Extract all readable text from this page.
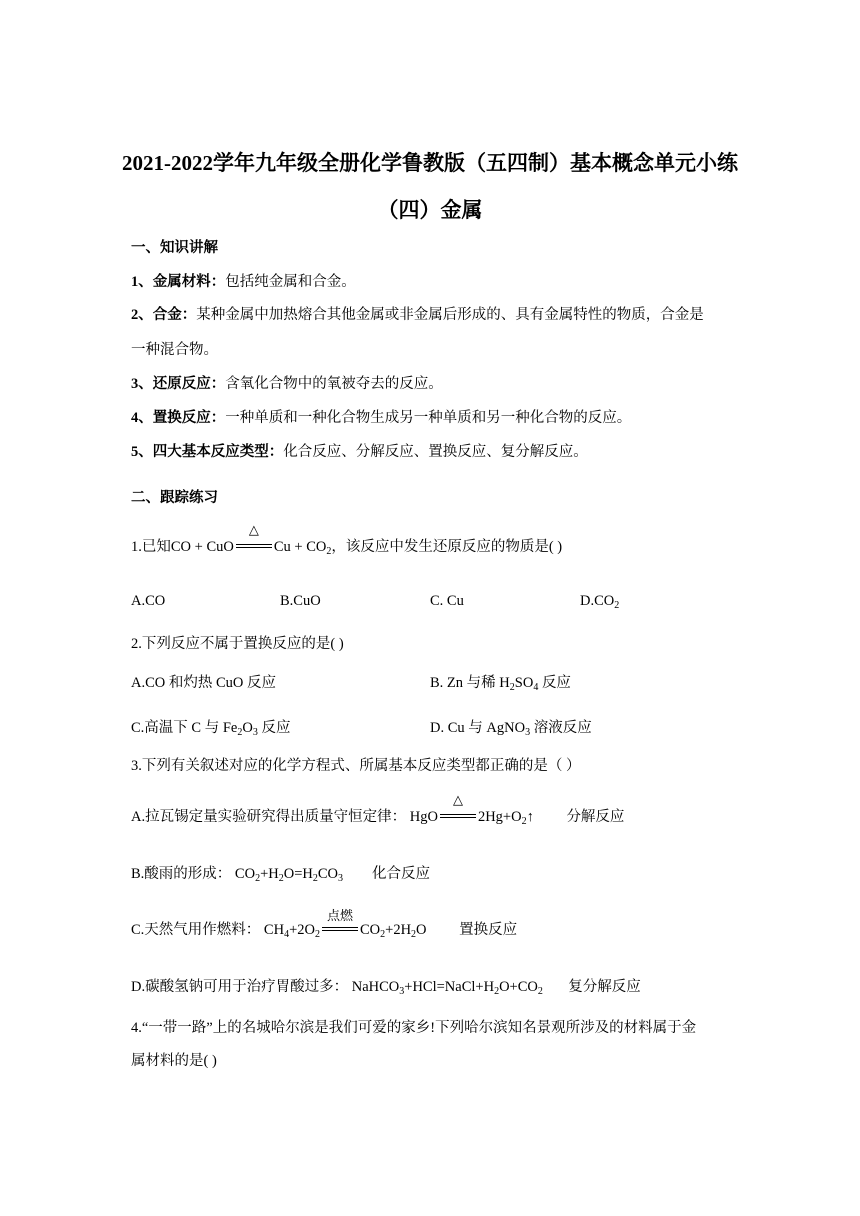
2021-2022学年九年级全册化学鲁教版（五四制）基本概念单元小练
（四）金属
一、知识讲解
1、金属材料：包括纯金属和合金。
2、合金：某种金属中加热熔合其他金属或非金属后形成的、具有金属特性的物质，合金是
一种混合物。
3、还原反应：含氧化合物中的氧被夺去的反应。
4、置换反应：一种单质和一种化合物生成另一种单质和另一种化合物的反应。
5、四大基本反应类型：化合反应、分解反应、置换反应、复分解反应。
二、跟踪练习
1.已知CO + CuO
△
$Cu + CO_2$，该反应中发生还原反应的物质是( )
A.CO	B.CuO	C. Cu	$D.CO_2$
2.下列反应不属于置换反应的是( )
A.CO 和灼热 CuO 反应	B. Zn 与稀 $H_2SO_4$ 反应
C.高温下 C 与 $Fe_2O_3$ 反应	D. Cu 与 AgNO$_3$ 溶液反应
3.下列有关叙述对应的化学方程式、所属基本反应类型都正确的是（ ）
A.拉瓦锡定量实验研究得出质量守恒定律： HgO
△
$2Hg+O_2↑$         分解反应
B.酸雨的形成： $CO_2+H_2O=H_2CO_3$ 化合反应
C.天然气用作燃料： $CH_4+2O_2$
点燃
$CO_2+2H_2O$         置换反应
D.碳酸氢钠可用于治疗胃酸过多： $NaHCO_3+HCl=NaCl+H_2O+CO_2$ 复分解反应
4.“一带一路”上的名城哈尔滨是我们可爱的家乡!下列哈尔滨知名景观所涉及的材料属于金
属材料的是( )
